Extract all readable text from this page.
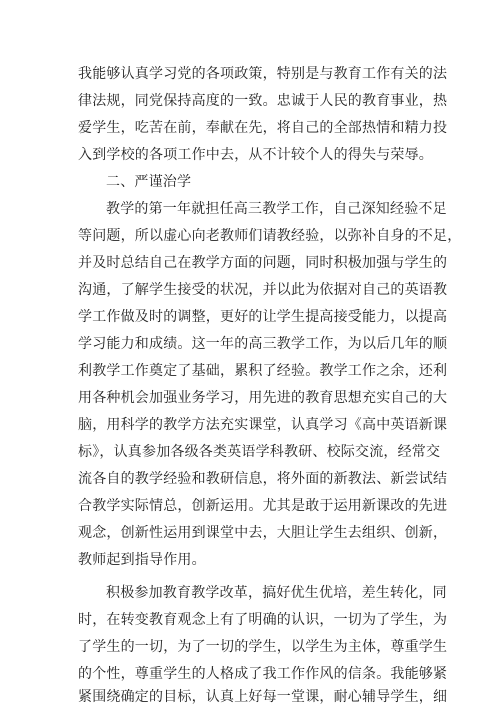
我能够认真学习党的各项政策，特别是与教育工作有关的法
律法规，同党保持高度的一致。忠诚于人民的教育事业，热
爱学生，吃苦在前，奉献在先，将自己的全部热情和精力投
入到学校的各项工作中去，从不计较个人的得失与荣辱。
二、严谨治学
教学的第一年就担任高三教学工作，自己深知经验不足
等问题，所以虚心向老教师们请教经验，以弥补自身的不足，
并及时总结自己在教学方面的问题，同时积极加强与学生的
沟通，了解学生接受的状况，并以此为依据对自己的英语教
学工作做及时的调整，更好的让学生提高接受能力，以提高
学习能力和成绩。这一年的高三教学工作，为以后几年的顺
利教学工作奠定了基础，累积了经验。教学工作之余，还利
用各种机会加强业务学习，用先进的教育思想充实自己的大
脑，用科学的教学方法充实课堂，认真学习《高中英语新课
标》，认真参加各级各类英语学科教研、校际交流，经常交
流各自的教学经验和教研信息，将外面的新教法、新尝试结
合教学实际情总，创新运用。尤其是敢于运用新课改的先进
观念，创新性运用到课堂中去，大胆让学生去组织、创新，
教师起到指导作用。
积极参加教育教学改革，搞好优生优培，差生转化，同
时，在转变教育观念上有了明确的认识，一切为了学生，为
了学生的一切，为了一切的学生，以学生为主体，尊重学生
的个性，尊重学生的人格成了我工作作风的信条。我能够紧
紧围绕确定的目标，认真上好每一堂课，耐心辅导学生，细
